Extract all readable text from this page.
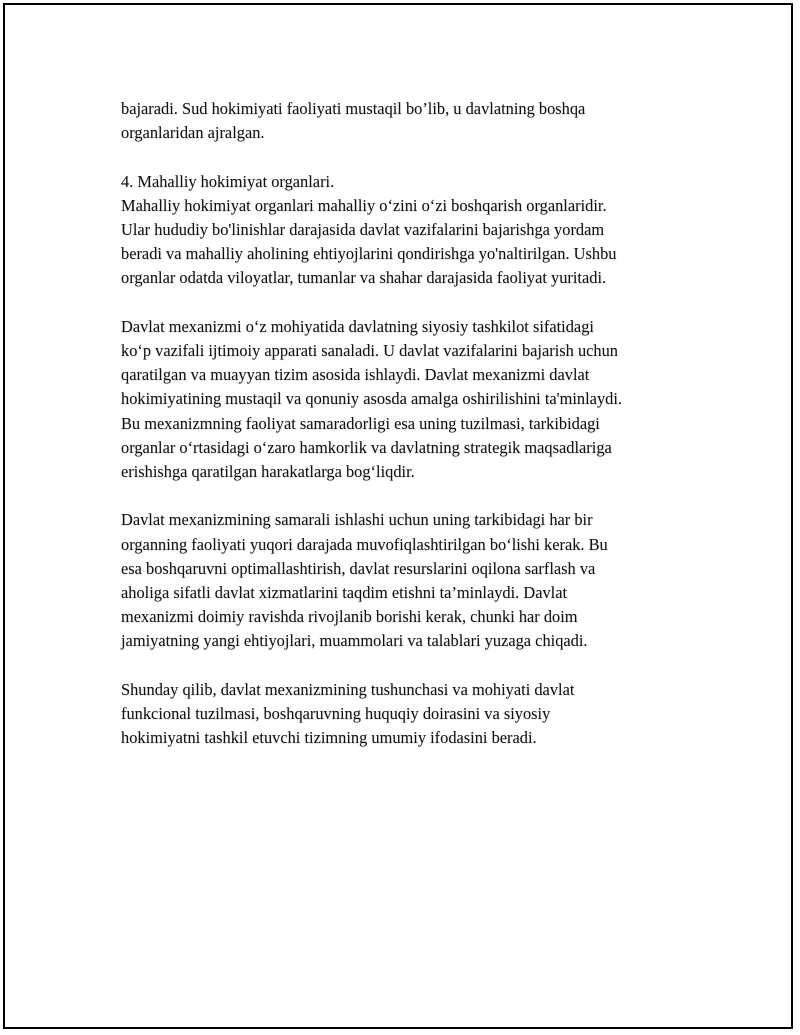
bajaradi. Sud hokimiyati faoliyati mustaqil bo’lib, u davlatning boshqa
organlaridan ajralgan.

4. Mahalliy hokimiyat organlari.
Mahalliy hokimiyat organlari mahalliy o‘zini o‘zi boshqarish organlaridir.
Ular hududiy bo'linishlar darajasida davlat vazifalarini bajarishga yordam
beradi va mahalliy aholining ehtiyojlarini qondirishga yo'naltirilgan. Ushbu
organlar odatda viloyatlar, tumanlar va shahar darajasida faoliyat yuritadi.

Davlat mexanizmi o‘z mohiyatida davlatning siyosiy tashkilot sifatidagi
ko‘p vazifali ijtimoiy apparati sanaladi. U davlat vazifalarini bajarish uchun
qaratilgan va muayyan tizim asosida ishlaydi. Davlat mexanizmi davlat
hokimiyatining mustaqil va qonuniy asosda amalga oshirilishini ta'minlaydi.
Bu mexanizmning faoliyat samaradorligi esa uning tuzilmasi, tarkibidagi
organlar o‘rtasidagi o‘zaro hamkorlik va davlatning strategik maqsadlariga
erishishga qaratilgan harakatlarga bog‘liqdir.

Davlat mexanizmining samarali ishlashi uchun uning tarkibidagi har bir
organning faoliyati yuqori darajada muvofiqlashtirilgan bo‘lishi kerak. Bu
esa boshqaruvni optimallashtirish, davlat resurslarini oqilona sarflash va
aholiga sifatli davlat xizmatlarini taqdim etishni ta’minlaydi. Davlat
mexanizmi doimiy ravishda rivojlanib borishi kerak, chunki har doim
jamiyatning yangi ehtiyojlari, muammolari va talablari yuzaga chiqadi.

Shunday qilib, davlat mexanizmining tushunchasi va mohiyati davlat
funkcional tuzilmasi, boshqaruvning huquqiy doirasini va siyosiy
hokimiyatni tashkil etuvchi tizimning umumiy ifodasini beradi.
